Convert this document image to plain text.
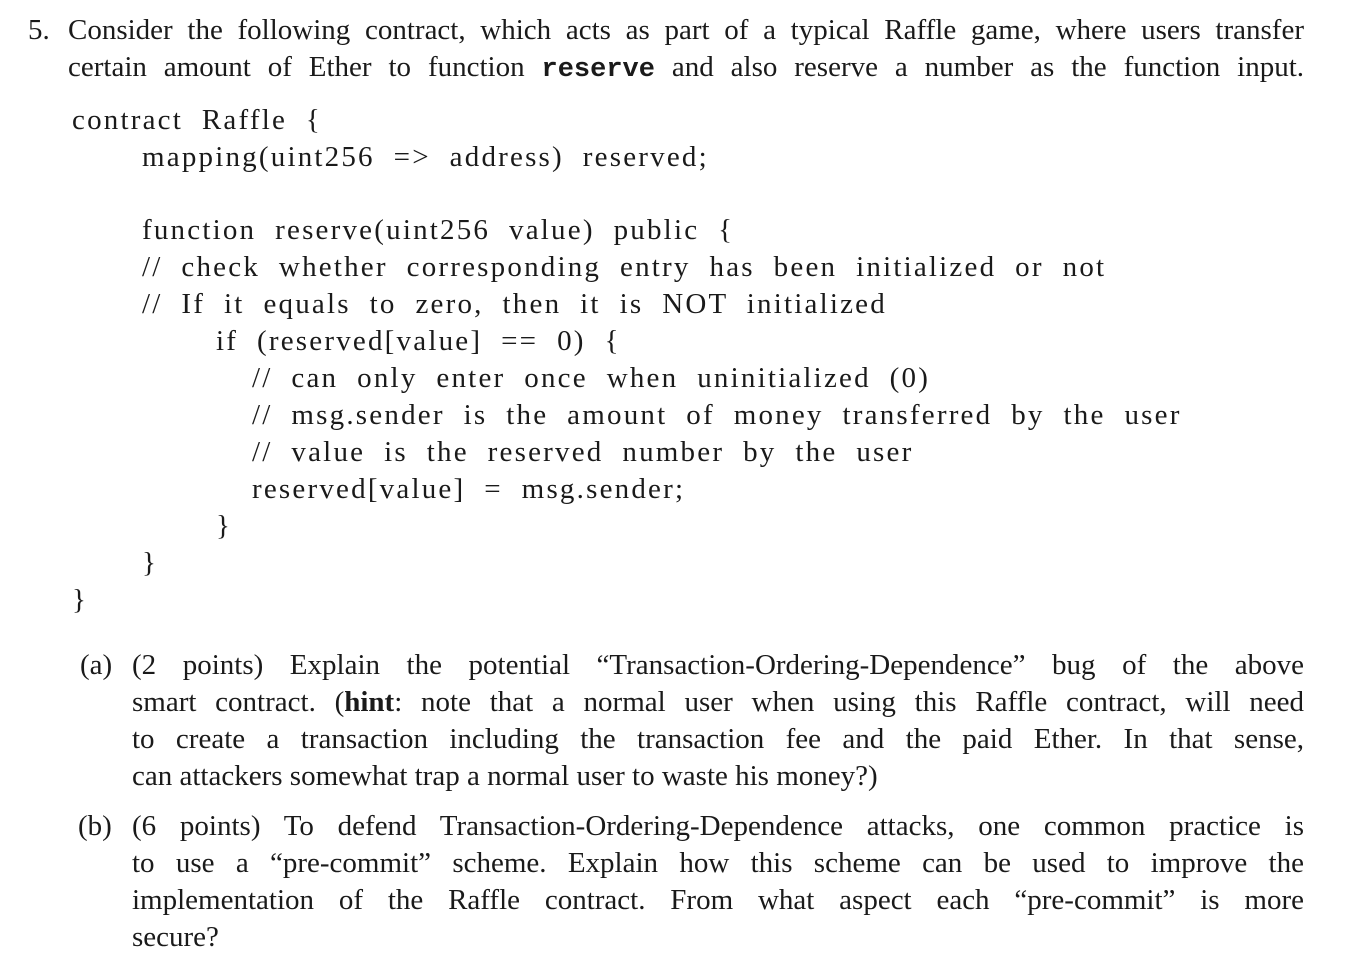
5. Consider the following contract, which acts as part of a typical Raffle game, where users transfer
certain amount of Ether to function reserve and also reserve a number as the function input.
contract  Raffle  {
mapping(uint256  =>  address)  reserved;
function  reserve(uint256  value)  public  {
//  check  whether  corresponding  entry  has  been  initialized  or  not
//  If  it  equals  to  zero,  then  it  is  NOT  initialized
if  (reserved[value]  ==  0)  {
//  can  only  enter  once  when  uninitialized  (0)
//  msg.sender  is  the  amount  of  money  transferred  by  the  user
//  value  is  the  reserved  number  by  the  user
reserved[value]  =  msg.sender;
}
}
}
(a) (2 points) Explain the potential “Transaction-Ordering-Dependence” bug of the above
smart contract. (hint: note that a normal user when using this Raffle contract, will need
to create a transaction including the transaction fee and the paid Ether. In that sense,
can attackers somewhat trap a normal user to waste his money?)
(b) (6 points) To defend Transaction-Ordering-Dependence attacks, one common practice is
to use a “pre-commit” scheme. Explain how this scheme can be used to improve the
implementation of the Raffle contract. From what aspect each “pre-commit” is more
secure?
